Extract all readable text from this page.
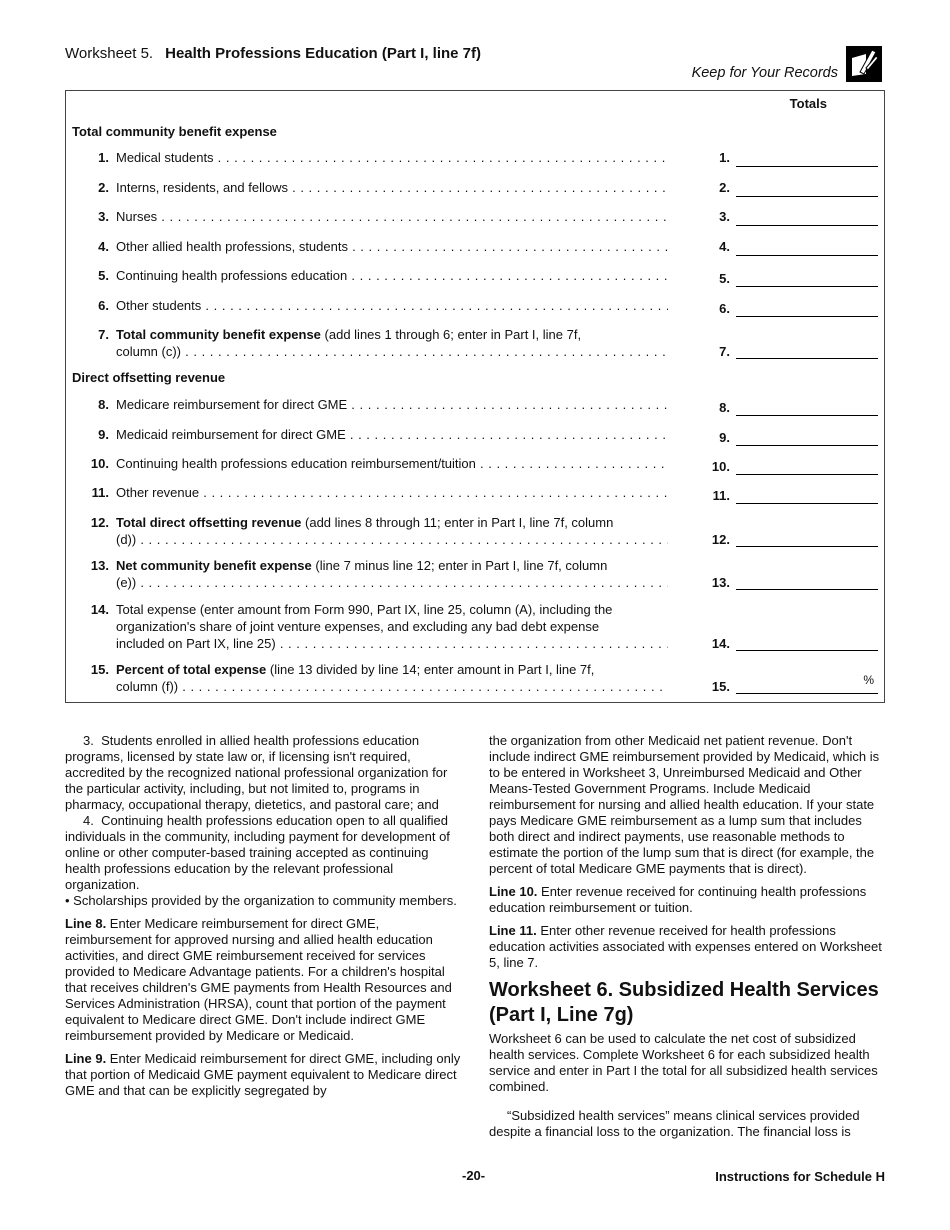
Worksheet 5. Health Professions Education (Part I, line 7f)
Keep for Your Records
Totals
Total community benefit expense
1. Medical students . . .	1.
2. Interns, residents, and fellows . . .	2.
3. Nurses . . .	3.
4. Other allied health professions, students . . .	4.
5. Continuing health professions education . . .	5.
6. Other students . . .	6.
7. Total community benefit expense (add lines 1 through 6; enter in Part I, line 7f,
column (c)) . . .	7.
Direct offsetting revenue
8. Medicare reimbursement for direct GME . . .	8.
9. Medicaid reimbursement for direct GME . . .	9.
10. Continuing health professions education reimbursement/tuition . . .	10.
11. Other revenue . . .	11.
12. Total direct offsetting revenue (add lines 8 through 11; enter in Part I, line 7f, column
(d)) . . .	12.
13. Net community benefit expense (line 7 minus line 12; enter in Part I, line 7f, column
(e)) . . .	13.
14. Total expense (enter amount from Form 990, Part IX, line 25, column (A), including the
organization's share of joint venture expenses, and excluding any bad debt expense
included on Part IX, line 25) . . .	14.
15. Percent of total expense (line 13 divided by line 14; enter amount in Part I, line 7f,
column (f)) . . .	15.	%

3.  Students enrolled in allied health professions education programs, licensed by state law or, if licensing isn't required, accredited by the recognized national professional organization for the particular activity, including, but not limited to, programs in pharmacy, occupational therapy, dietetics, and pastoral care; and

4.  Continuing health professions education open to all qualified individuals in the community, including payment for development of online or other computer-based training accepted as continuing health professions education by the relevant professional organization.

• Scholarships provided by the organization to community members.

Line 8. Enter Medicare reimbursement for direct GME, reimbursement for approved nursing and allied health education activities, and direct GME reimbursement received for services provided to Medicare Advantage patients. For a children's hospital that receives children's GME payments from Health Resources and Services Administration (HRSA), count that portion of the payment equivalent to Medicare direct GME. Don't include indirect GME reimbursement provided by Medicare or Medicaid.

Line 9. Enter Medicaid reimbursement for direct GME, including only that portion of Medicaid GME payment equivalent to Medicare direct GME and that can be explicitly segregated by

the organization from other Medicaid net patient revenue. Don't include indirect GME reimbursement provided by Medicaid, which is to be entered in Worksheet 3, Unreimbursed Medicaid and Other Means-Tested Government Programs. Include Medicaid reimbursement for nursing and allied health education. If your state pays Medicare GME reimbursement as a lump sum that includes both direct and indirect payments, use reasonable methods to estimate the portion of the lump sum that is direct (for example, the percent of total Medicare GME payments that is direct).

Line 10. Enter revenue received for continuing health professions education reimbursement or tuition.

Line 11. Enter other revenue received for health professions education activities associated with expenses entered on Worksheet 5, line 7.

Worksheet 6. Subsidized Health Services (Part I, Line 7g)

Worksheet 6 can be used to calculate the net cost of subsidized health services. Complete Worksheet 6 for each subsidized health service and enter in Part I the total for all subsidized health services combined.

“Subsidized health services” means clinical services provided despite a financial loss to the organization. The financial loss is

-20-	Instructions for Schedule H
